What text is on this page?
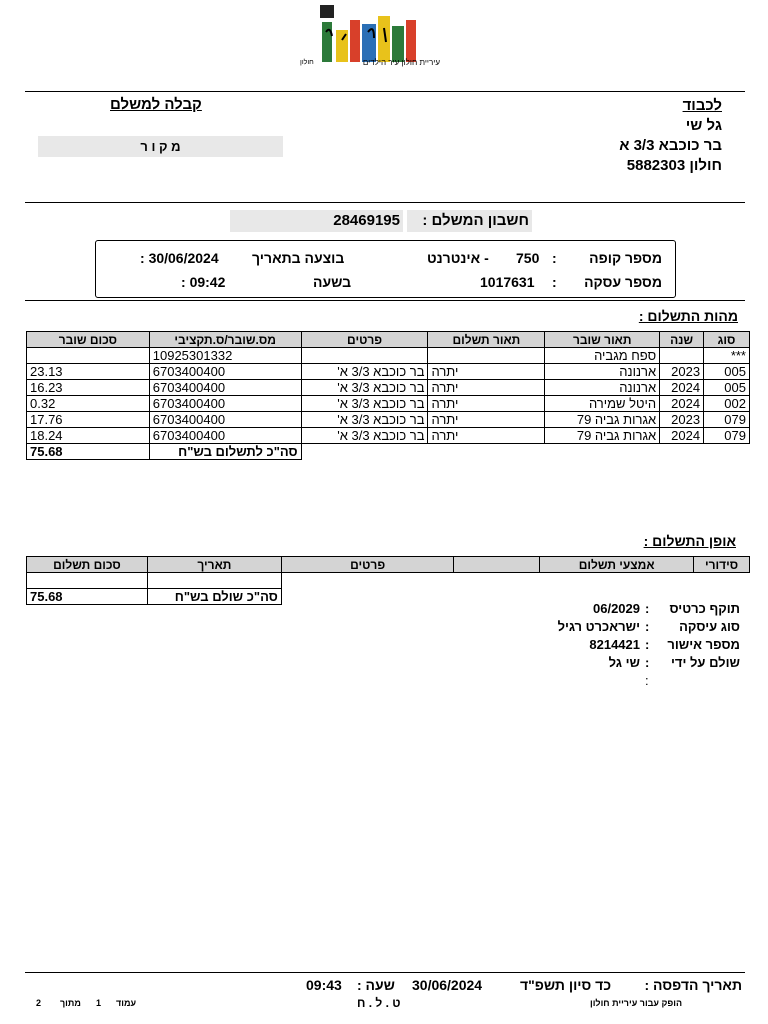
עיריית חולון עיר הילדים
חולון
לכבוד
גל שי
בר כוכבא 3/3 א
חולון 5882303
קבלה למשלם
מ ק ו ר
חשבון המשלם :
28469195
מספר קופה
:
750
- אינטרנט
בוצעה בתאריך
30/06/2024 :
מספר עסקה
:
1017631
בשעה
09:42 :
מהות התשלום :
סוג	שנה	תאור שובר	תאור תשלום	פרטים	מס.שובר/ס.תקציבי	סכום שובר
***		ספח מגביה			10925301332	
005	2023	ארנונה	יתרה	בר כוכבא 3/3 א'	6703400400	23.13
005	2024	ארנונה	יתרה	בר כוכבא 3/3 א'	6703400400	16.23
002	2024	היטל שמירה	יתרה	בר כוכבא 3/3 א'	6703400400	0.32
079	2023	אגרות גביה 79	יתרה	בר כוכבא 3/3 א'	6703400400	17.76
079	2024	אגרות גביה 79	יתרה	בר כוכבא 3/3 א'	6703400400	18.24
					סה"כ לתשלום בש"ח	75.68
אופן התשלום :
סידורי	אמצעי תשלום		פרטים	תאריך	סכום תשלום

				סה"כ שולם בש"ח	75.68
תוקף כרטיס
:
06/2029
סוג עיסקה
:
ישראכרט רגיל
מספר אישור
:
8214421
שולם על ידי
:
שי גל
:
תאריך הדפסה :
כד סיון תשפ"ד
30/06/2024
שעה :
09:43
ט . ל . ח	הופק עבור עיריית חולון
עמוד
1
מתוך
2
